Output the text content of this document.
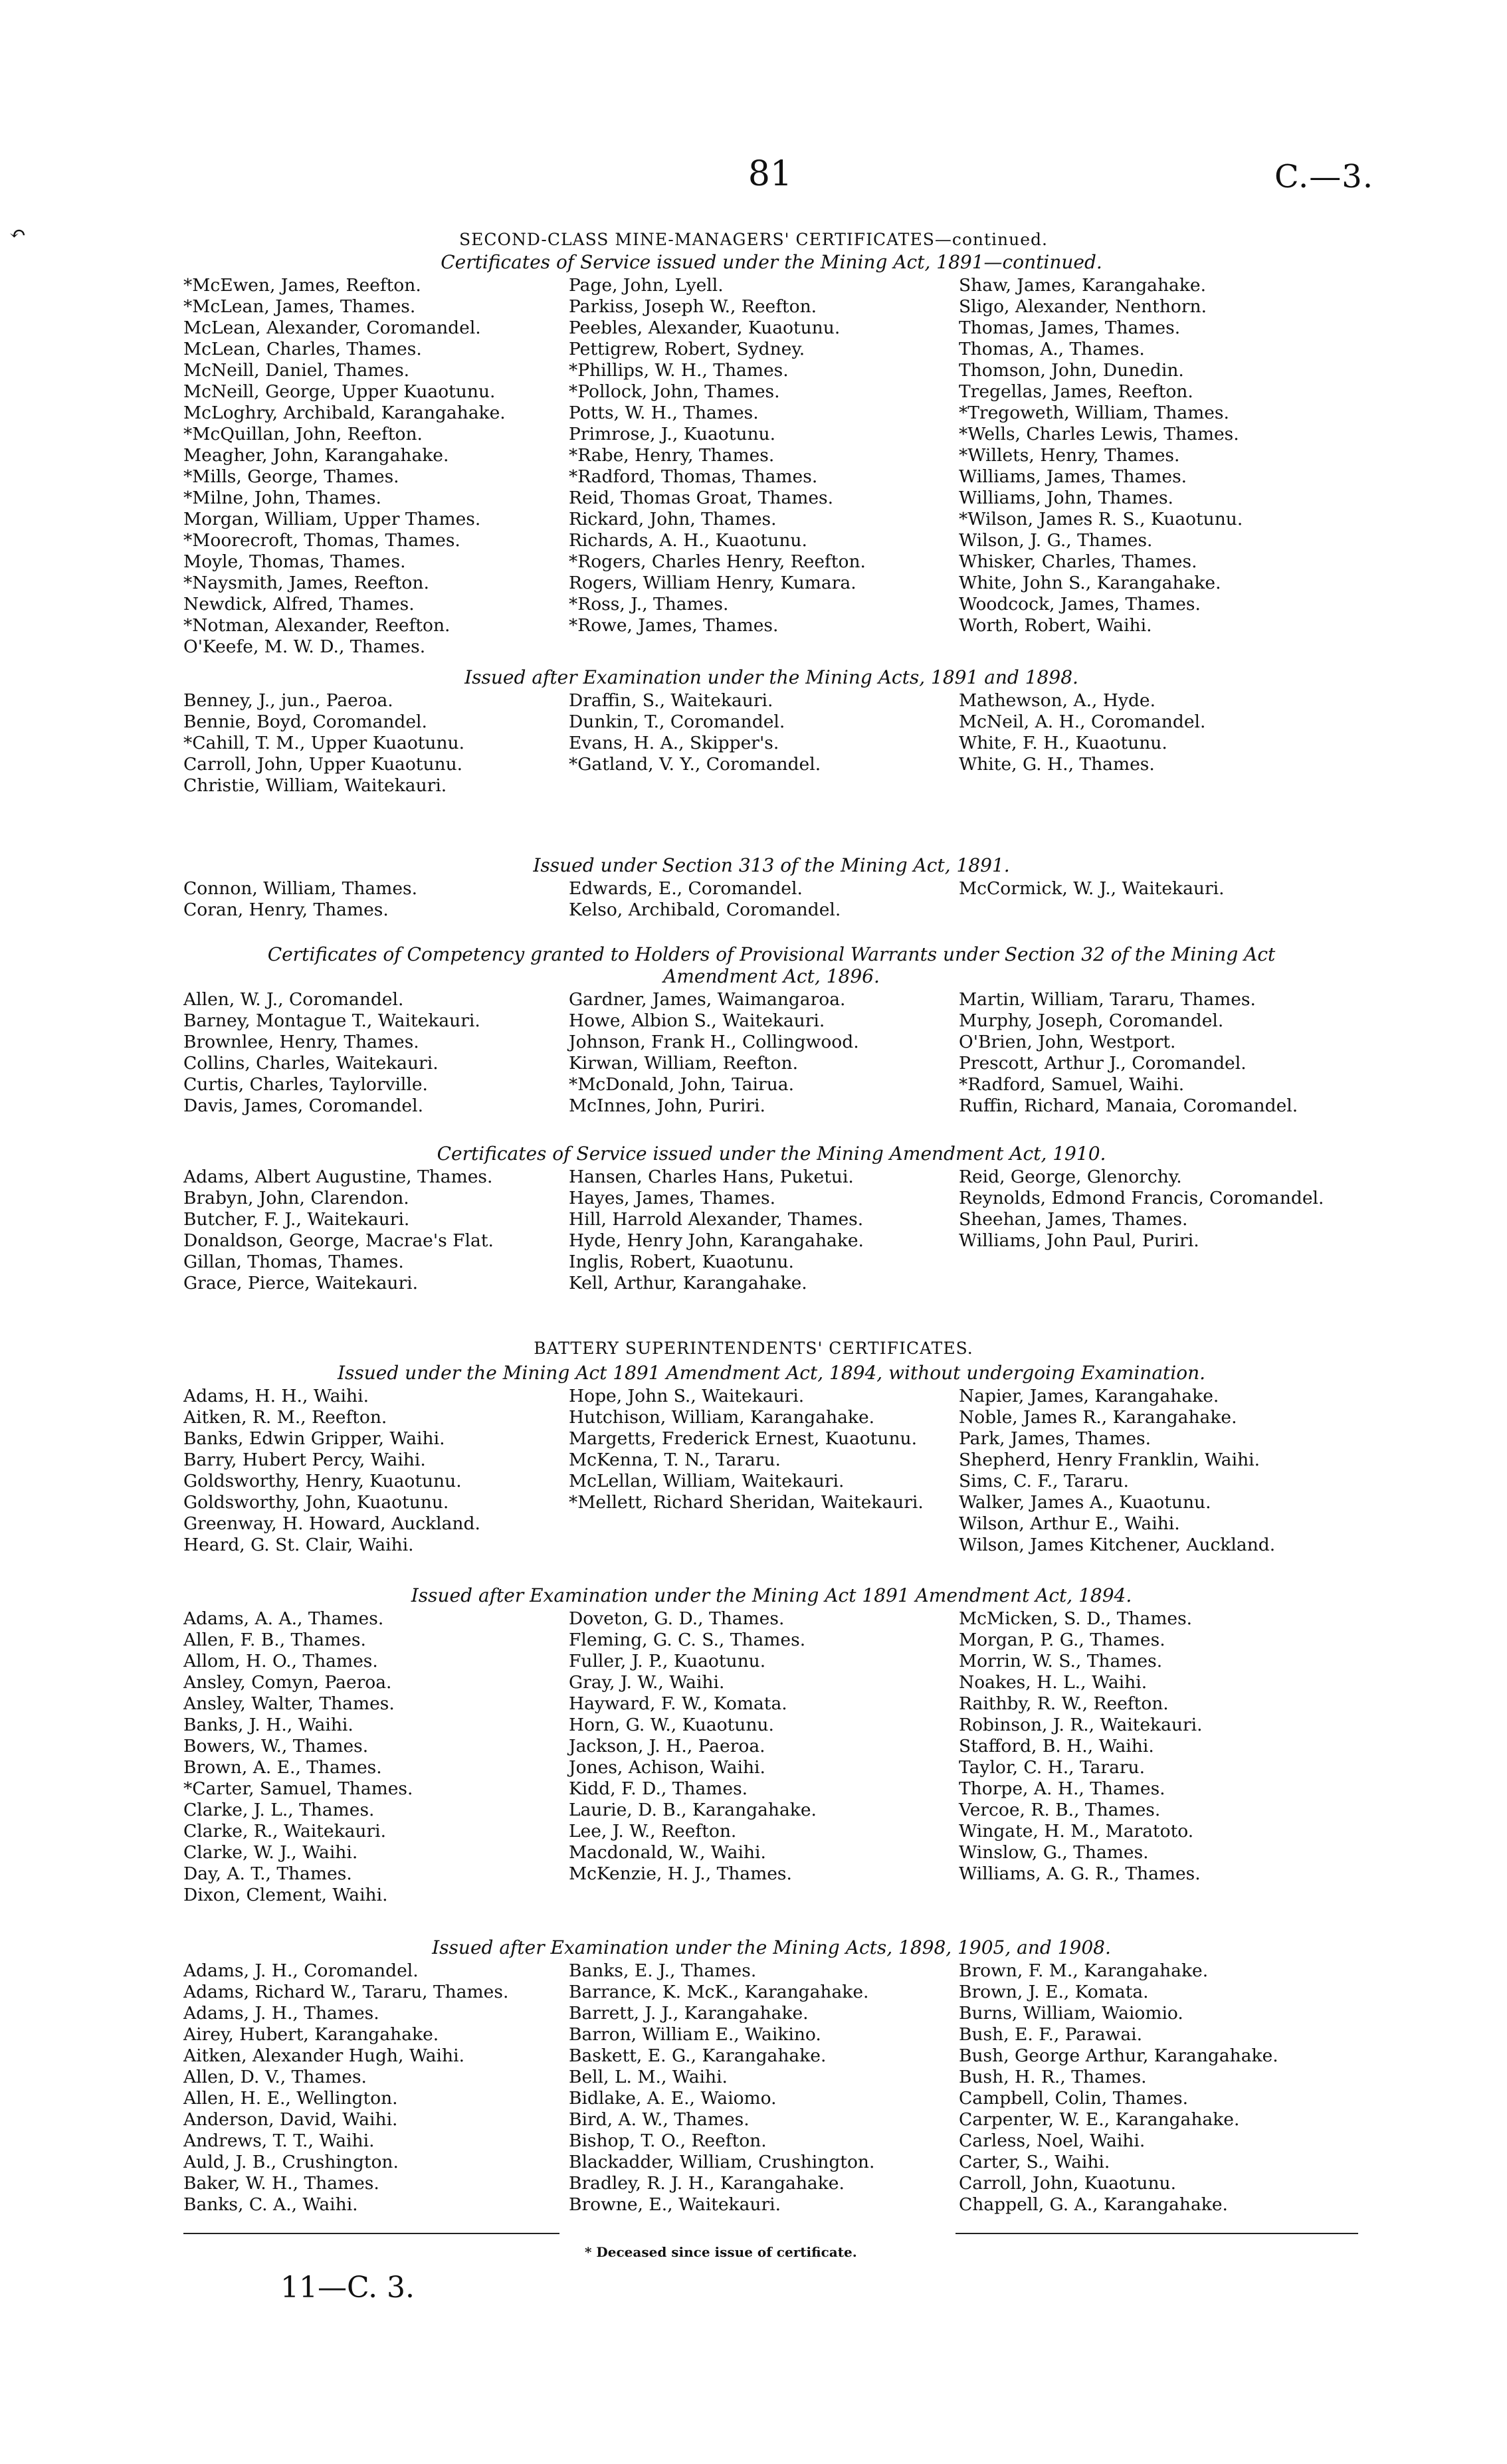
81	C.—3.
↶	SECOND-CLASS MINE-MANAGERS' CERTIFICATES—continued.
Certificates of Service issued under the Mining Act, 1891—continued.
*McEwen, James, Reefton.
*McLean, James, Thames.
McLean, Alexander, Coromandel.
McLean, Charles, Thames.
McNeill, Daniel, Thames.
McNeill, George, Upper Kuaotunu.
McLoghry, Archibald, Karangahake.
*McQuillan, John, Reefton.
Meagher, John, Karangahake.
*Mills, George, Thames.
*Milne, John, Thames.
Morgan, William, Upper Thames.
*Moorecroft, Thomas, Thames.
Moyle, Thomas, Thames.
*Naysmith, James, Reefton.
Newdick, Alfred, Thames.
*Notman, Alexander, Reefton.
O'Keefe, M. W. D., Thames.
Page, John, Lyell.
Parkiss, Joseph W., Reefton.
Peebles, Alexander, Kuaotunu.
Pettigrew, Robert, Sydney.
*Phillips, W. H., Thames.
*Pollock, John, Thames.
Potts, W. H., Thames.
Primrose, J., Kuaotunu.
*Rabe, Henry, Thames.
*Radford, Thomas, Thames.
Reid, Thomas Groat, Thames.
Rickard, John, Thames.
Richards, A. H., Kuaotunu.
*Rogers, Charles Henry, Reefton.
Rogers, William Henry, Kumara.
*Ross, J., Thames.
*Rowe, James, Thames.
Shaw, James, Karangahake.
Sligo, Alexander, Nenthorn.
Thomas, James, Thames.
Thomas, A., Thames.
Thomson, John, Dunedin.
Tregellas, James, Reefton.
*Tregoweth, William, Thames.
*Wells, Charles Lewis, Thames.
*Willets, Henry, Thames.
Williams, James, Thames.
Williams, John, Thames.
*Wilson, James R. S., Kuaotunu.
Wilson, J. G., Thames.
Whisker, Charles, Thames.
White, John S., Karangahake.
Woodcock, James, Thames.
Worth, Robert, Waihi.
Issued after Examination under the Mining Acts, 1891 and 1898.
Benney, J., jun., Paeroa.
Bennie, Boyd, Coromandel.
*Cahill, T. M., Upper Kuaotunu.
Carroll, John, Upper Kuaotunu.
Christie, William, Waitekauri.
Draffin, S., Waitekauri.
Dunkin, T., Coromandel.
Evans, H. A., Skipper's.
*Gatland, V. Y., Coromandel.
Mathewson, A., Hyde.
McNeil, A. H., Coromandel.
White, F. H., Kuaotunu.
White, G. H., Thames.
Issued under Section 313 of the Mining Act, 1891.
Connon, William, Thames.
Coran, Henry, Thames.
Edwards, E., Coromandel.
Kelso, Archibald, Coromandel.
McCormick, W. J., Waitekauri.
Certificates of Competency granted to Holders of Provisional Warrants under Section 32 of the Mining Act Amendment Act, 1896.
Allen, W. J., Coromandel.
Barney, Montague T., Waitekauri.
Brownlee, Henry, Thames.
Collins, Charles, Waitekauri.
Curtis, Charles, Taylorville.
Davis, James, Coromandel.
Gardner, James, Waimangaroa.
Howe, Albion S., Waitekauri.
Johnson, Frank H., Collingwood.
Kirwan, William, Reefton.
*McDonald, John, Tairua.
McInnes, John, Puriri.
Martin, William, Tararu, Thames.
Murphy, Joseph, Coromandel.
O'Brien, John, Westport.
Prescott, Arthur J., Coromandel.
*Radford, Samuel, Waihi.
Ruffin, Richard, Manaia, Coromandel.
Certificates of Service issued under the Mining Amendment Act, 1910.
Adams, Albert Augustine, Thames.
Brabyn, John, Clarendon.
Butcher, F. J., Waitekauri.
Donaldson, George, Macrae's Flat.
Gillan, Thomas, Thames.
Grace, Pierce, Waitekauri.
Hansen, Charles Hans, Puketui.
Hayes, James, Thames.
Hill, Harrold Alexander, Thames.
Hyde, Henry John, Karangahake.
Inglis, Robert, Kuaotunu.
Kell, Arthur, Karangahake.
Reid, George, Glenorchy.
Reynolds, Edmond Francis, Coromandel.
Sheehan, James, Thames.
Williams, John Paul, Puriri.
BATTERY SUPERINTENDENTS' CERTIFICATES.
Issued under the Mining Act 1891 Amendment Act, 1894, without undergoing Examination.
Adams, H. H., Waihi.
Aitken, R. M., Reefton.
Banks, Edwin Gripper, Waihi.
Barry, Hubert Percy, Waihi.
Goldsworthy, Henry, Kuaotunu.
Goldsworthy, John, Kuaotunu.
Greenway, H. Howard, Auckland.
Heard, G. St. Clair, Waihi.
Hope, John S., Waitekauri.
Hutchison, William, Karangahake.
Margetts, Frederick Ernest, Kuaotunu.
McKenna, T. N., Tararu.
McLellan, William, Waitekauri.
*Mellett, Richard Sheridan, Waitekauri.
Napier, James, Karangahake.
Noble, James R., Karangahake.
Park, James, Thames.
Shepherd, Henry Franklin, Waihi.
Sims, C. F., Tararu.
Walker, James A., Kuaotunu.
Wilson, Arthur E., Waihi.
Wilson, James Kitchener, Auckland.
Issued after Examination under the Mining Act 1891 Amendment Act, 1894.
Adams, A. A., Thames.
Allen, F. B., Thames.
Allom, H. O., Thames.
Ansley, Comyn, Paeroa.
Ansley, Walter, Thames.
Banks, J. H., Waihi.
Bowers, W., Thames.
Brown, A. E., Thames.
*Carter, Samuel, Thames.
Clarke, J. L., Thames.
Clarke, R., Waitekauri.
Clarke, W. J., Waihi.
Day, A. T., Thames.
Dixon, Clement, Waihi.
Doveton, G. D., Thames.
Fleming, G. C. S., Thames.
Fuller, J. P., Kuaotunu.
Gray, J. W., Waihi.
Hayward, F. W., Komata.
Horn, G. W., Kuaotunu.
Jackson, J. H., Paeroa.
Jones, Achison, Waihi.
Kidd, F. D., Thames.
Laurie, D. B., Karangahake.
Lee, J. W., Reefton.
Macdonald, W., Waihi.
McKenzie, H. J., Thames.
McMicken, S. D., Thames.
Morgan, P. G., Thames.
Morrin, W. S., Thames.
Noakes, H. L., Waihi.
Raithby, R. W., Reefton.
Robinson, J. R., Waitekauri.
Stafford, B. H., Waihi.
Taylor, C. H., Tararu.
Thorpe, A. H., Thames.
Vercoe, R. B., Thames.
Wingate, H. M., Maratoto.
Winslow, G., Thames.
Williams, A. G. R., Thames.
Issued after Examination under the Mining Acts, 1898, 1905, and 1908.
Adams, J. H., Coromandel.
Adams, Richard W., Tararu, Thames.
Adams, J. H., Thames.
Airey, Hubert, Karangahake.
Aitken, Alexander Hugh, Waihi.
Allen, D. V., Thames.
Allen, H. E., Wellington.
Anderson, David, Waihi.
Andrews, T. T., Waihi.
Auld, J. B., Crushington.
Baker, W. H., Thames.
Banks, C. A., Waihi.
Banks, E. J., Thames.
Barrance, K. McK., Karangahake.
Barrett, J. J., Karangahake.
Barron, William E., Waikino.
Baskett, E. G., Karangahake.
Bell, L. M., Waihi.
Bidlake, A. E., Waiomo.
Bird, A. W., Thames.
Bishop, T. O., Reefton.
Blackadder, William, Crushington.
Bradley, R. J. H., Karangahake.
Browne, E., Waitekauri.
Brown, F. M., Karangahake.
Brown, J. E., Komata.
Burns, William, Waiomio.
Bush, E. F., Parawai.
Bush, George Arthur, Karangahake.
Bush, H. R., Thames.
Campbell, Colin, Thames.
Carpenter, W. E., Karangahake.
Carless, Noel, Waihi.
Carter, S., Waihi.
Carroll, John, Kuaotunu.
Chappell, G. A., Karangahake.
* Deceased since issue of certificate.
11—C. 3.
